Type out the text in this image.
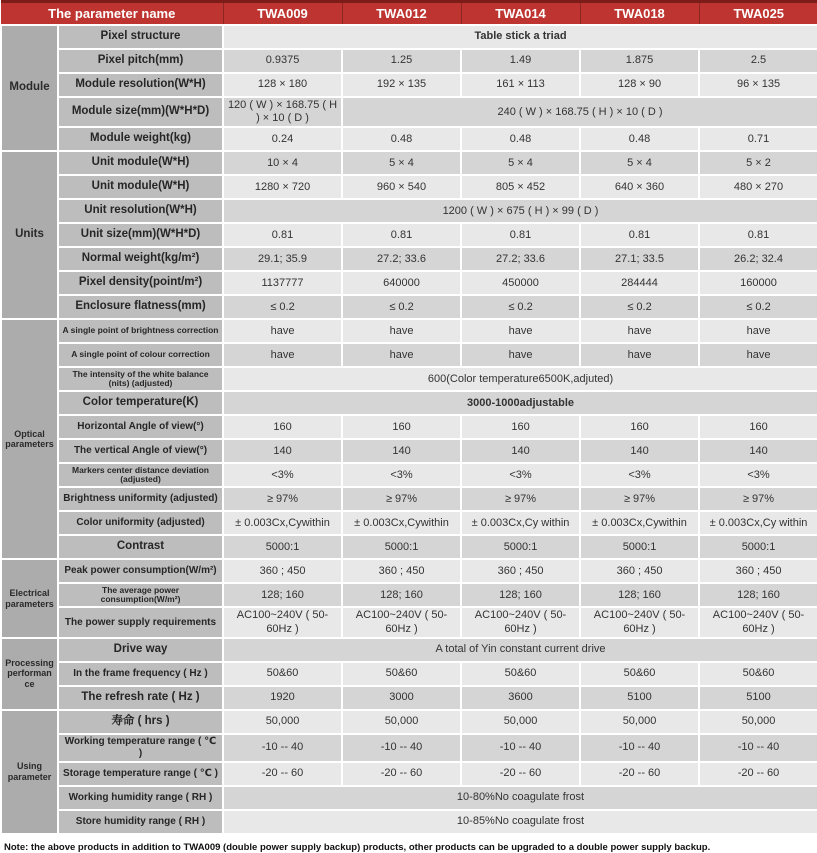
The parameter name		TWA009	TWA012	TWA014	TWA018	TWA025
Module	Pixel structure	Table stick a triad				
	Pixel pitch(mm)	0.9375	1.25	1.49	1.875	2.5
	Module resolution(W*H)	128 × 180	192 × 135	161 × 113	128 × 90	96 × 135
	Module size(mm)(W*H*D)	120 ( W ) × 168.75 ( H ) × 10 ( D )	240 ( W ) × 168.75 ( H ) × 10 ( D )			
	Module weight(kg)	0.24	0.48	0.48	0.48	0.71
Units	Unit module(W*H)	10 × 4	5 × 4	5 × 4	5 × 4	5 × 2
	Unit module(W*H)	1280 × 720	960 × 540	805 × 452	640 × 360	480 × 270
	Unit resolution(W*H)	1200 ( W ) × 675 ( H ) × 99 ( D )				
	Unit size(mm)(W*H*D)	0.81	0.81	0.81	0.81	0.81
	Normal weight(kg/m²)	29.1; 35.9	27.2; 33.6	27.2; 33.6	27.1; 33.5	26.2; 32.4
	Pixel density(point/m²)	1137777	640000	450000	284444	160000
	Enclosure flatness(mm)	≤ 0.2	≤ 0.2	≤ 0.2	≤ 0.2	≤ 0.2
Optical parameters	A single point of brightness correction	have	have	have	have	have
	A single point of colour correction	have	have	have	have	have
	The intensity of the white balance (nits) (adjusted)	600(Color temperature6500K,adjuted)				
	Color temperature(K)	3000-1000adjustable				
	Horizontal Angle of view(°)	160	160	160	160	160
	The vertical Angle of view(°)	140	140	140	140	140
	Markers center distance deviation (adjusted)	<3%	<3%	<3%	<3%	<3%
	Brightness uniformity (adjusted)	≥ 97%	≥ 97%	≥ 97%	≥ 97%	≥ 97%
	Color uniformity (adjusted)	± 0.003Cx,Cywithin	± 0.003Cx,Cywithin	± 0.003Cx,Cy within	± 0.003Cx,Cywithin	± 0.003Cx,Cy within
	Contrast	5000:1	5000:1	5000:1	5000:1	5000:1
Electrical parameters	Peak power consumption(W/m²)	360 ; 450	360 ; 450	360 ; 450	360 ; 450	360 ; 450
	The average power consumption(W/m²)	128; 160	128; 160	128; 160	128; 160	128; 160
	The power supply requirements	AC100~240V ( 50-60Hz )	AC100~240V ( 50-60Hz )	AC100~240V ( 50-60Hz )	AC100~240V ( 50-60Hz )	AC100~240V ( 50-60Hz )
Processing performance	Drive way	A total of Yin constant current drive				
	In the frame frequency ( Hz )	50&60	50&60	50&60	50&60	50&60
	The refresh rate ( Hz )	1920	3000	3600	5100	5100
Using parameter	寿命 ( hrs )	50,000	50,000	50,000	50,000	50,000
	Working temperature range ( ℃ )	-10 -- 40	-10 -- 40	-10 -- 40	-10 -- 40	-10 -- 40
	Storage temperature range ( ℃ )	-20 -- 60	-20 -- 60	-20 -- 60	-20 -- 60	-20 -- 60
	Working humidity range ( RH )	10-80%No coagulate frost				
	Store humidity range ( RH )	10-85%No coagulate frost				
Note: the above products in addition to TWA009 (double power supply backup) products, other products can be upgraded to a double power supply backup.
